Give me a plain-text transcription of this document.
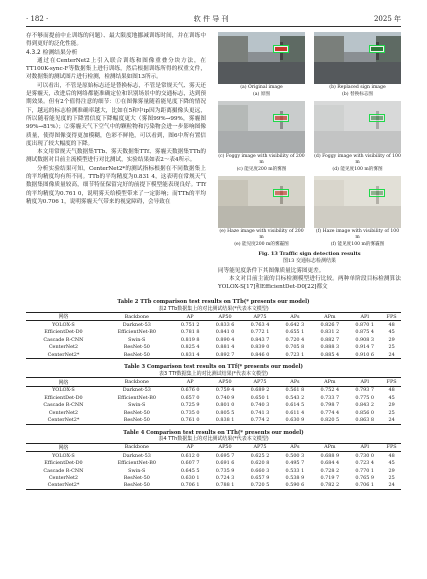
· 182 ·	软 件 导 刊	2025 年

存不够而提前中止训练的问题）、最大限度地挪减训练时间，并在训练中得到更好的泛化性能。

4.3.2 检测结果分析

通过在CenterNet2上引入联合训练和图像重叠分块方法，在TT100K-sync-F等数据集上进行训练，然后根据训练所得的权重文件，对数据集的测试图片进行检测，检测结果如图13所示。

可以看出，不管是原始标志还是替换标志，不管是常规天气、雾天还是雾霾天，改进后的网络都能准确定位和识别场景中的交通标志，达到预期效果。但有2个值得注意的细节：①在图像雾量随着能见度下降的情况下，越远的标志检测准确率越大，比如在5和中ip因为距离摄像头更远，所以随着能见度的下降置信度下降幅度更大（雾图99%→99%，雾霾图99%→81%）；②雾霾天气下空气中的颗粒物和污染物会进一步影响图像质量，使得图像变得更加模糊，色彩不鲜艳，可以看到，图6中所有置信度出现了较大幅度的下降。

本文用常规天气数据集TTb、雾天数据集TTf、雾霾天数据集TTh的测试数据对目前主流模型进行对比测试，实验结果如表2～表4所示。

分析实验结果可知，CenterNet2*的测试指标根据在不同数据集上的平均精度均有所不同。TTb的平均精度为0.831 4，这表明在常规天气数据集图像质量较高，细节特征保留完好的前提下模型能表现良好。TTf的平均精度为0.761 0，说明雾天给模型带来了一定影响；而TTh的平均精度为0.706 1，说明雾霾天气带来的视觉障碍，会导致在

(a) Original image
(a) 原图
(b) Replaced sign image
(b) 替换标志图
(c) Foggy image with visibility of 200 m
(c) 能见度200 m的雾图
(d) Foggy image with visibility of 100 m
(d) 能见度100 m的雾图
(e) Haze image with visibility of 200 m
(e) 能见度200 m的雾霾图
(f) Haze image with visibility of 100 m
(f) 能见度100 m的雾霾图
Fig. 13 Traffic sign detection results
图13 交通标志检测结果

同等能见度条件下其图像质量比雾图更差。

本文对目前主流的目标检测模型进行比较。两种单阶段目标检测算法YOLOX-S[17]和EfficientDet-D0[22]都文

Table 2 TTb comparison test results on TTb(* presents our model)
表2 TTb数据集上的对比测试结果(*代表本文模型)
网络	Backbone	AP	AP50	AP75	APs	APm	APl	FPS
YOLOX-S	Darknet-53	0.751 2	0.833 6	0.763 4	0.642 3	0.826 7	0.870 1	48
EfficientDet-D0	EfficientNet-B0	0.781 8	0.841 0	0.772 1	0.655 1	0.831 2	0.875 4	45
Cascade R-CNN	Swin-S	0.819 8	0.890 4	0.843 7	0.720 4	0.882 7	0.908 3	29
CenterNet2	ResNet-50	0.825 4	0.881 4	0.839 0	0.705 8	0.888 3	0.914 7	25
CenterNet2*	ResNet-50	0.831 4	0.892 7	0.846 0	0.723 1	0.885 4	0.910 6	24
Table 3 Comparison test results on TTf(* presents our model)
表3 TTf数据集上的对比测试结果(*代表本文模型)
网络	Backbone	AP	AP50	AP75	APs	APm	APl	FPS
YOLOX-S	Darknet-53	0.676 0	0.759 4	0.689 2	0.561 8	0.752 4	0.793 7	48
EfficientDet-D0	EfficientNet-B0	0.657 0	0.740 9	0.650 1	0.543 2	0.733 7	0.775 0	45
Cascade R-CNN	Swin-S	0.725 9	0.801 0	0.740 3	0.614 5	0.798 7	0.843 2	29
CenterNet2	ResNet-50	0.735 0	0.805 5	0.741 3	0.611 4	0.774 4	0.856 0	25
CenterNet2*	ResNet-50	0.761 0	0.838 1	0.774 2	0.630 9	0.820 5	0.863 8	24
Table 4 Comparison test results on TTh(* presents our model)
表4 TTh数据集上的对比测试结果(*代表本文模型)
网络	Backbone	AP	AP50	AP75	APs	APm	APl	FPS
YOLOX-S	Darknet-53	0.612 0	0.695 7	0.625 2	0.500 3	0.688 9	0.730 0	48
EfficientDet-D0	EfficientNet-B0	0.607 7	0.691 6	0.620 8	0.495 7	0.684 4	0.723 4	45
Cascade R-CNN	Swin-S	0.645 5	0.735 9	0.660 3	0.533 1	0.728 2	0.770 1	29
CenterNet2	ResNet-50	0.630 1	0.724 3	0.657 9	0.538 9	0.719 7	0.765 9	25
CenterNet2*	ResNet-50	0.706 1	0.788 1	0.720 5	0.590 6	0.782 2	0.706 1	24
